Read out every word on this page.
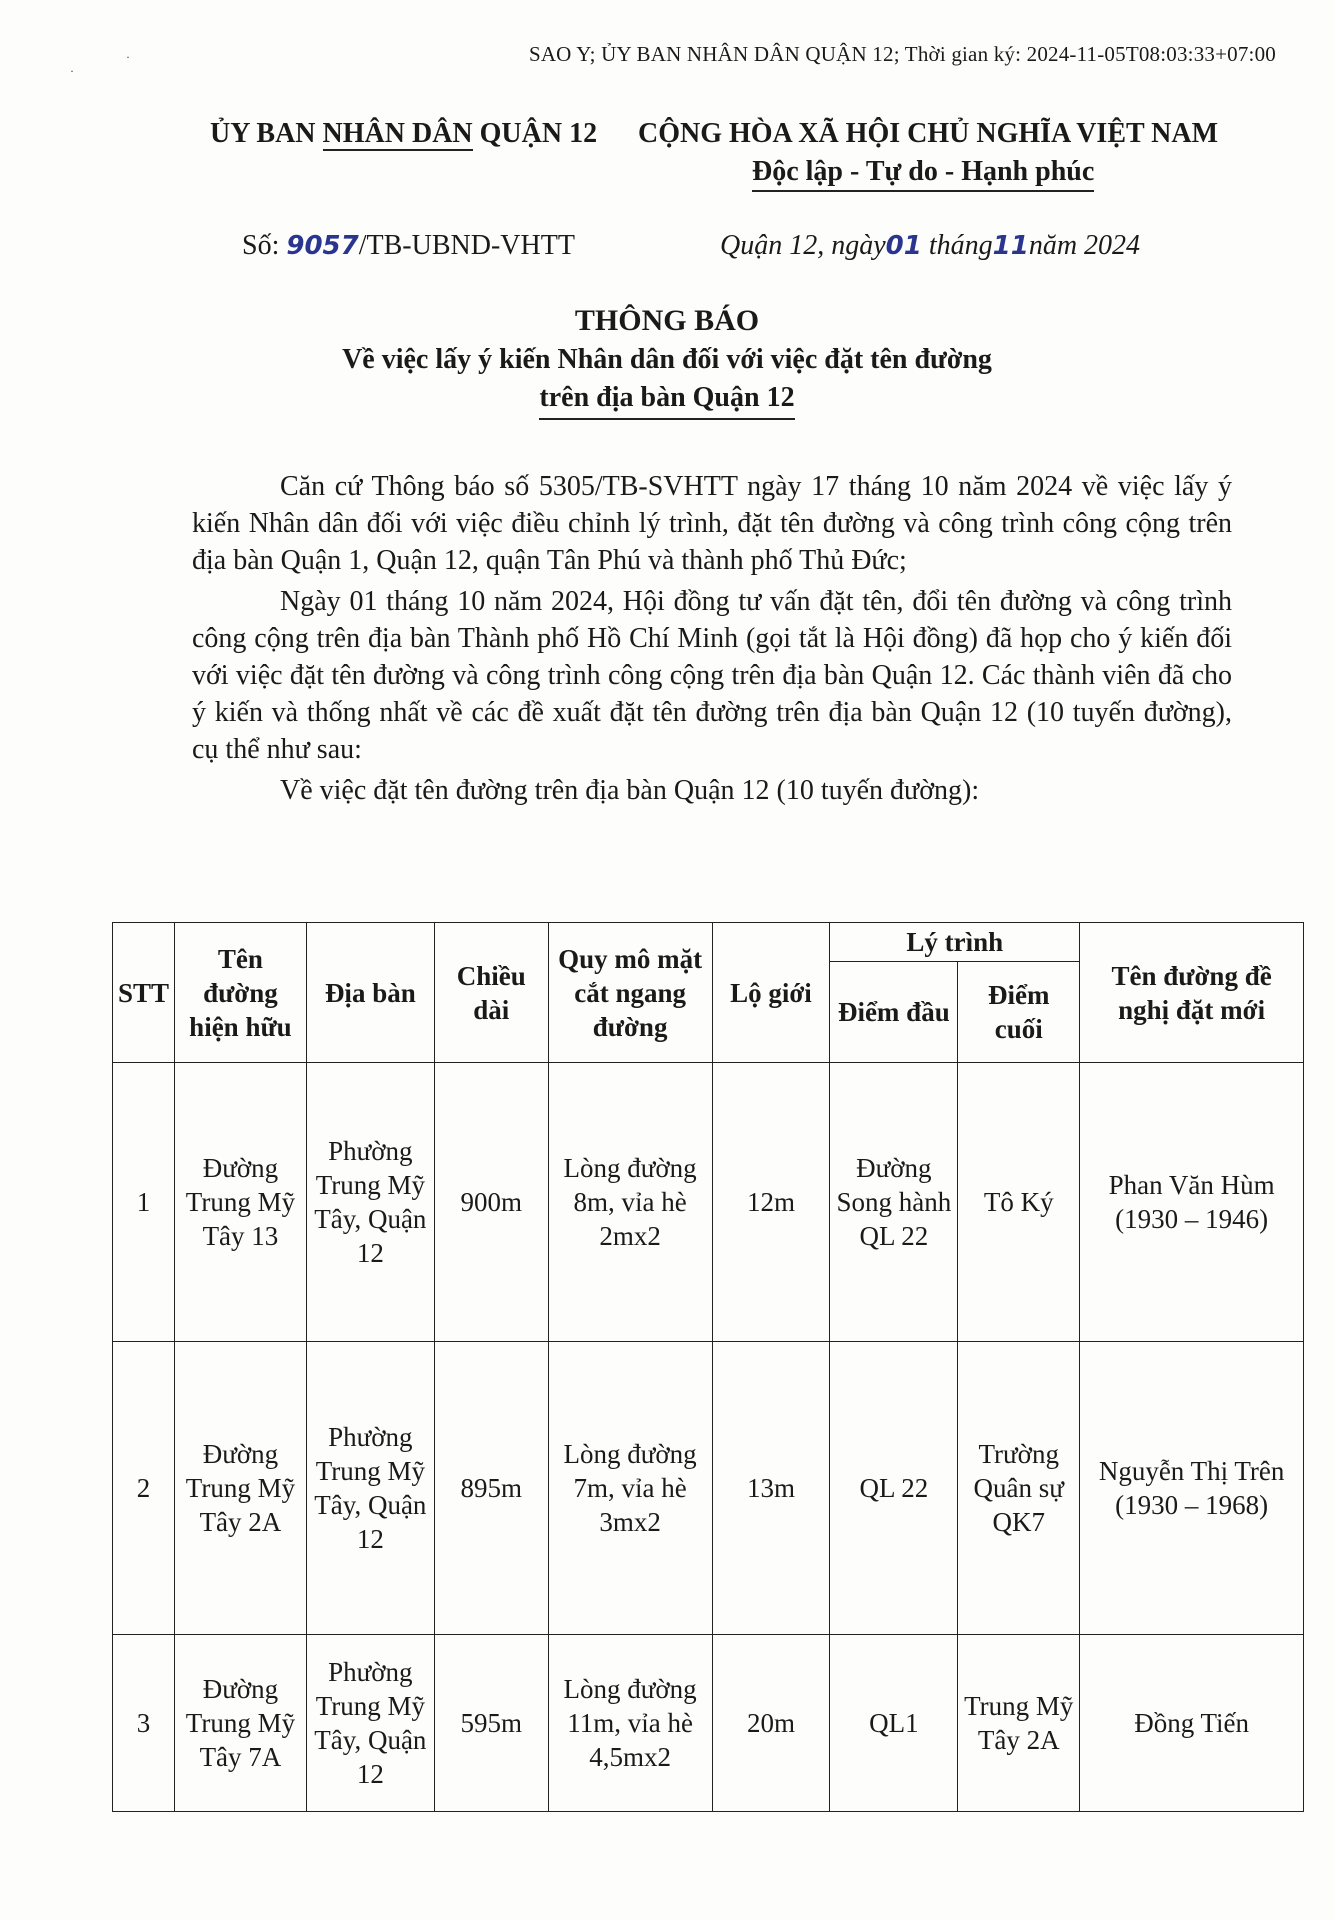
SAO Y; ỦY BAN NHÂN DÂN QUẬN 12; Thời gian ký: 2024-11-05T08:03:33+07:00
·
·
ỦY BAN NHÂN DÂN QUẬN 12 CỘNG HÒA XÃ HỘI CHỦ NGHĨA VIỆT NAM
Độc lập - Tự do - Hạnh phúc
Số: 9057/TB-UBND-VHTT	Quận 12, ngày01 tháng11năm 2024
THÔNG BÁO
Về việc lấy ý kiến Nhân dân đối với việc đặt tên đường
trên địa bàn Quận 12

Căn cứ Thông báo số 5305/TB-SVHTT ngày 17 tháng 10 năm 2024 về việc lấy ý kiến Nhân dân đối với việc điều chỉnh lý trình, đặt tên đường và công trình công cộng trên địa bàn Quận 1, Quận 12, quận Tân Phú và thành phố Thủ Đức;

Ngày 01 tháng 10 năm 2024, Hội đồng tư vấn đặt tên, đổi tên đường và công trình công cộng trên địa bàn Thành phố Hồ Chí Minh (gọi tắt là Hội đồng) đã họp cho ý kiến đối với việc đặt tên đường và công trình công cộng trên địa bàn Quận 12. Các thành viên đã cho ý kiến và thống nhất về các đề xuất đặt tên đường trên địa bàn Quận 12 (10 tuyến đường), cụ thể như sau:

Về việc đặt tên đường trên địa bàn Quận 12 (10 tuyến đường):

STT	Tên đường hiện hữu	Địa bàn	Chiều dài	Quy mô mặt cắt ngang đường	Lộ giới	Lý trình		Tên đường đề nghị đặt mới
						Điểm đầu	Điểm cuối	
1	Đường Trung Mỹ Tây 13	Phường Trung Mỹ Tây, Quận 12	900m	Lòng đường 8m, vỉa hè 2mx2	12m	Đường Song hành QL 22	Tô Ký	Phan Văn Hùm (1930 – 1946)
2	Đường Trung Mỹ Tây 2A	Phường Trung Mỹ Tây, Quận 12	895m	Lòng đường 7m, vỉa hè 3mx2	13m	QL 22	Trường Quân sự QK7	Nguyễn Thị Trên (1930 – 1968)
3	Đường Trung Mỹ Tây 7A	Phường Trung Mỹ Tây, Quận 12	595m	Lòng đường 11m, vỉa hè 4,5mx2	20m	QL1	Trung Mỹ Tây 2A	Đồng Tiến
